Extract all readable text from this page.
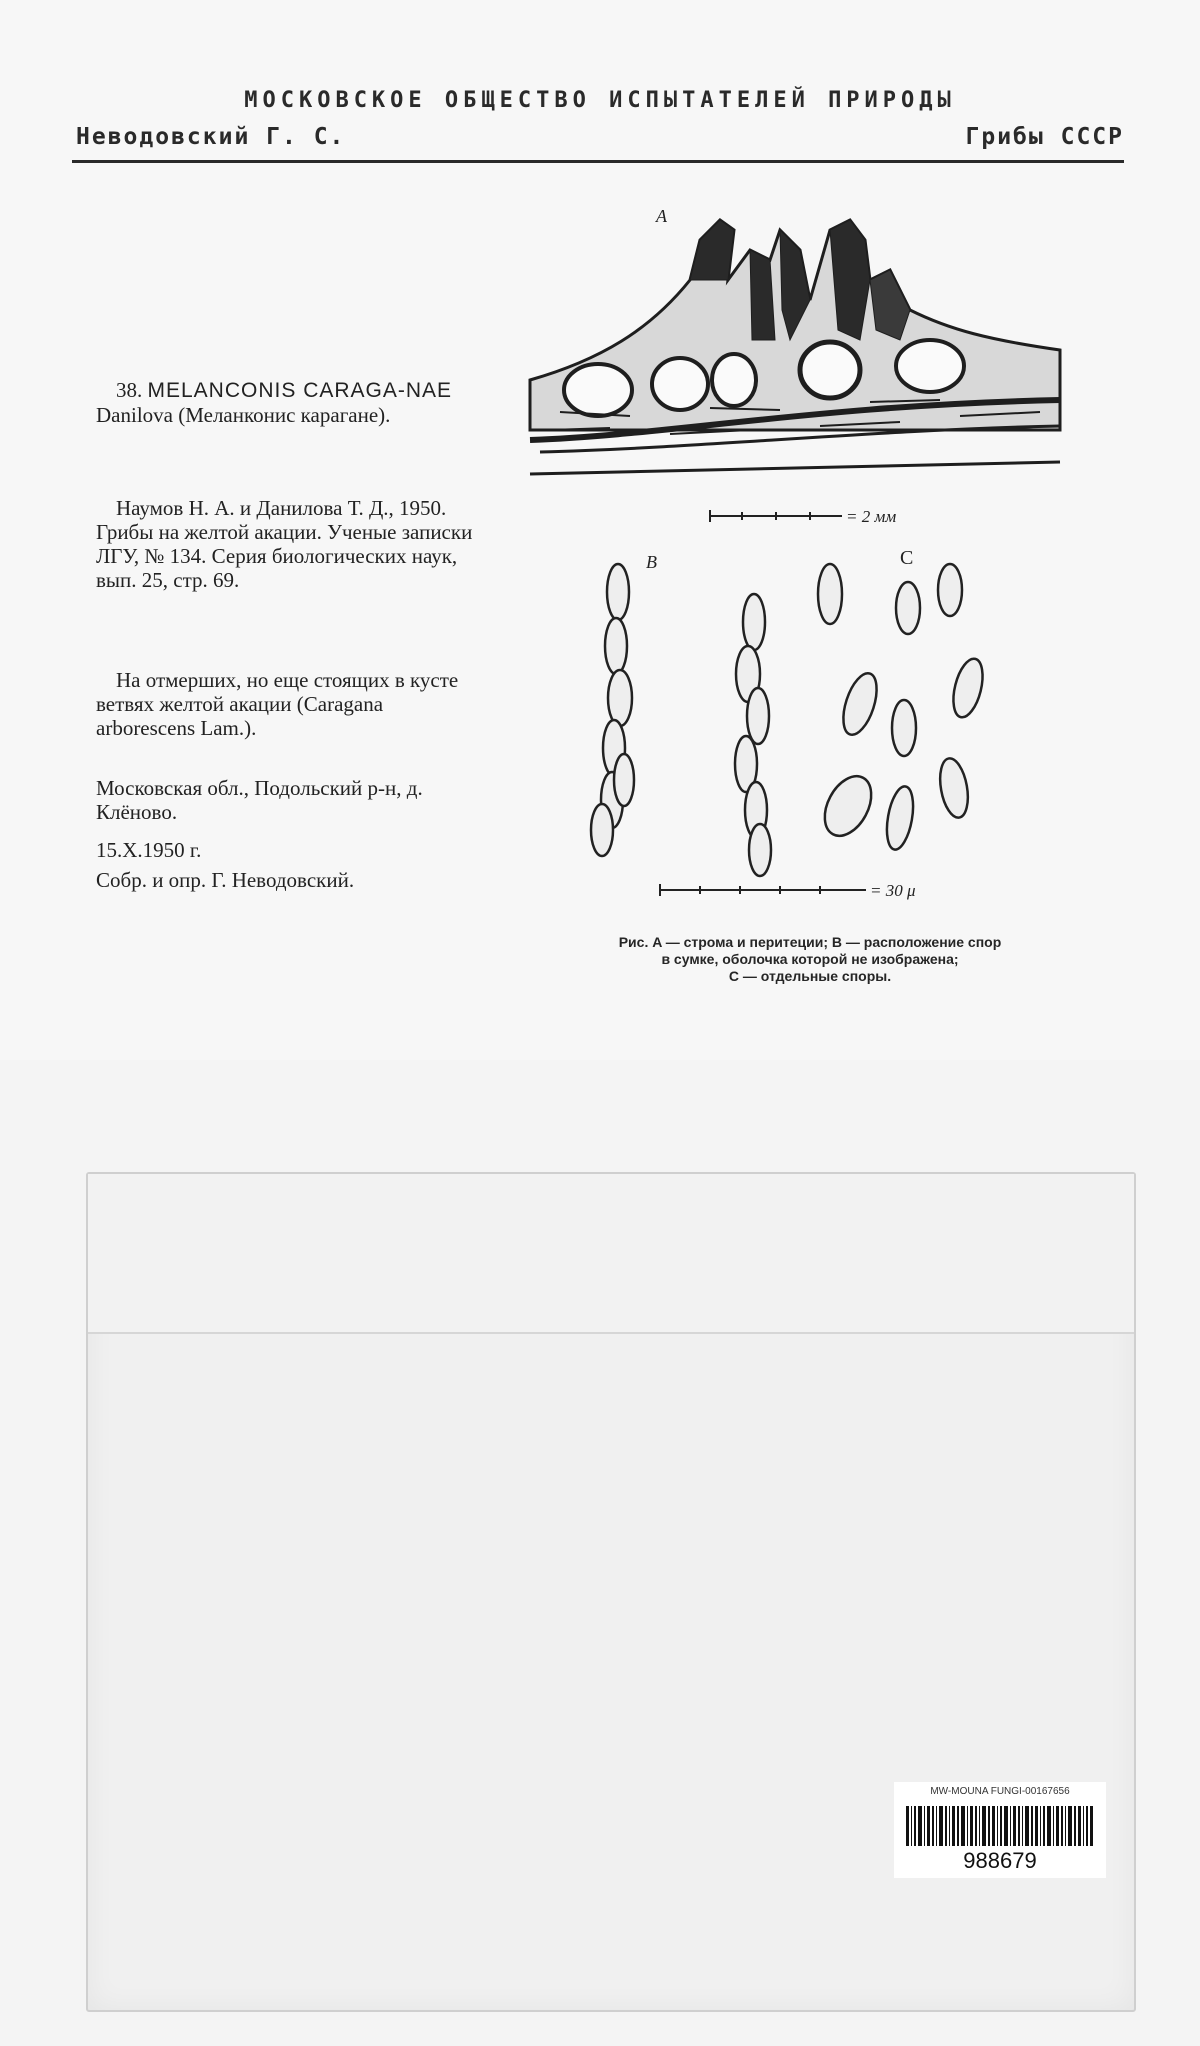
МОСКОВСКОЕ ОБЩЕСТВО ИСПЫТАТЕЛЕЙ ПРИРОДЫ
Неводовский Г. С.	Грибы СССР
38. MELANCONIS CARAGA-NAE Danilova (Меланконис карагане).
Наумов Н. А. и Данилова Т. Д., 1950. Грибы на желтой акации. Ученые записки ЛГУ, № 134. Серия биологических наук, вып. 25, стр. 69.
На отмерших, но еще стоящих в кусте ветвях желтой акации (Caragana arborescens Lam.).
Московская обл., Подольский р-н, д. Клёново.
15.X.1950 г.
Собр. и опр. Г. Неводовский.
A
= 2 мм
B	C
= 30 μ
Рис. A — строма и перитеции; B — расположение спор
в сумке, оболочка которой не изображена;
C — отдельные споры.
MW-MOUNA FUNGI-00167656
988679
